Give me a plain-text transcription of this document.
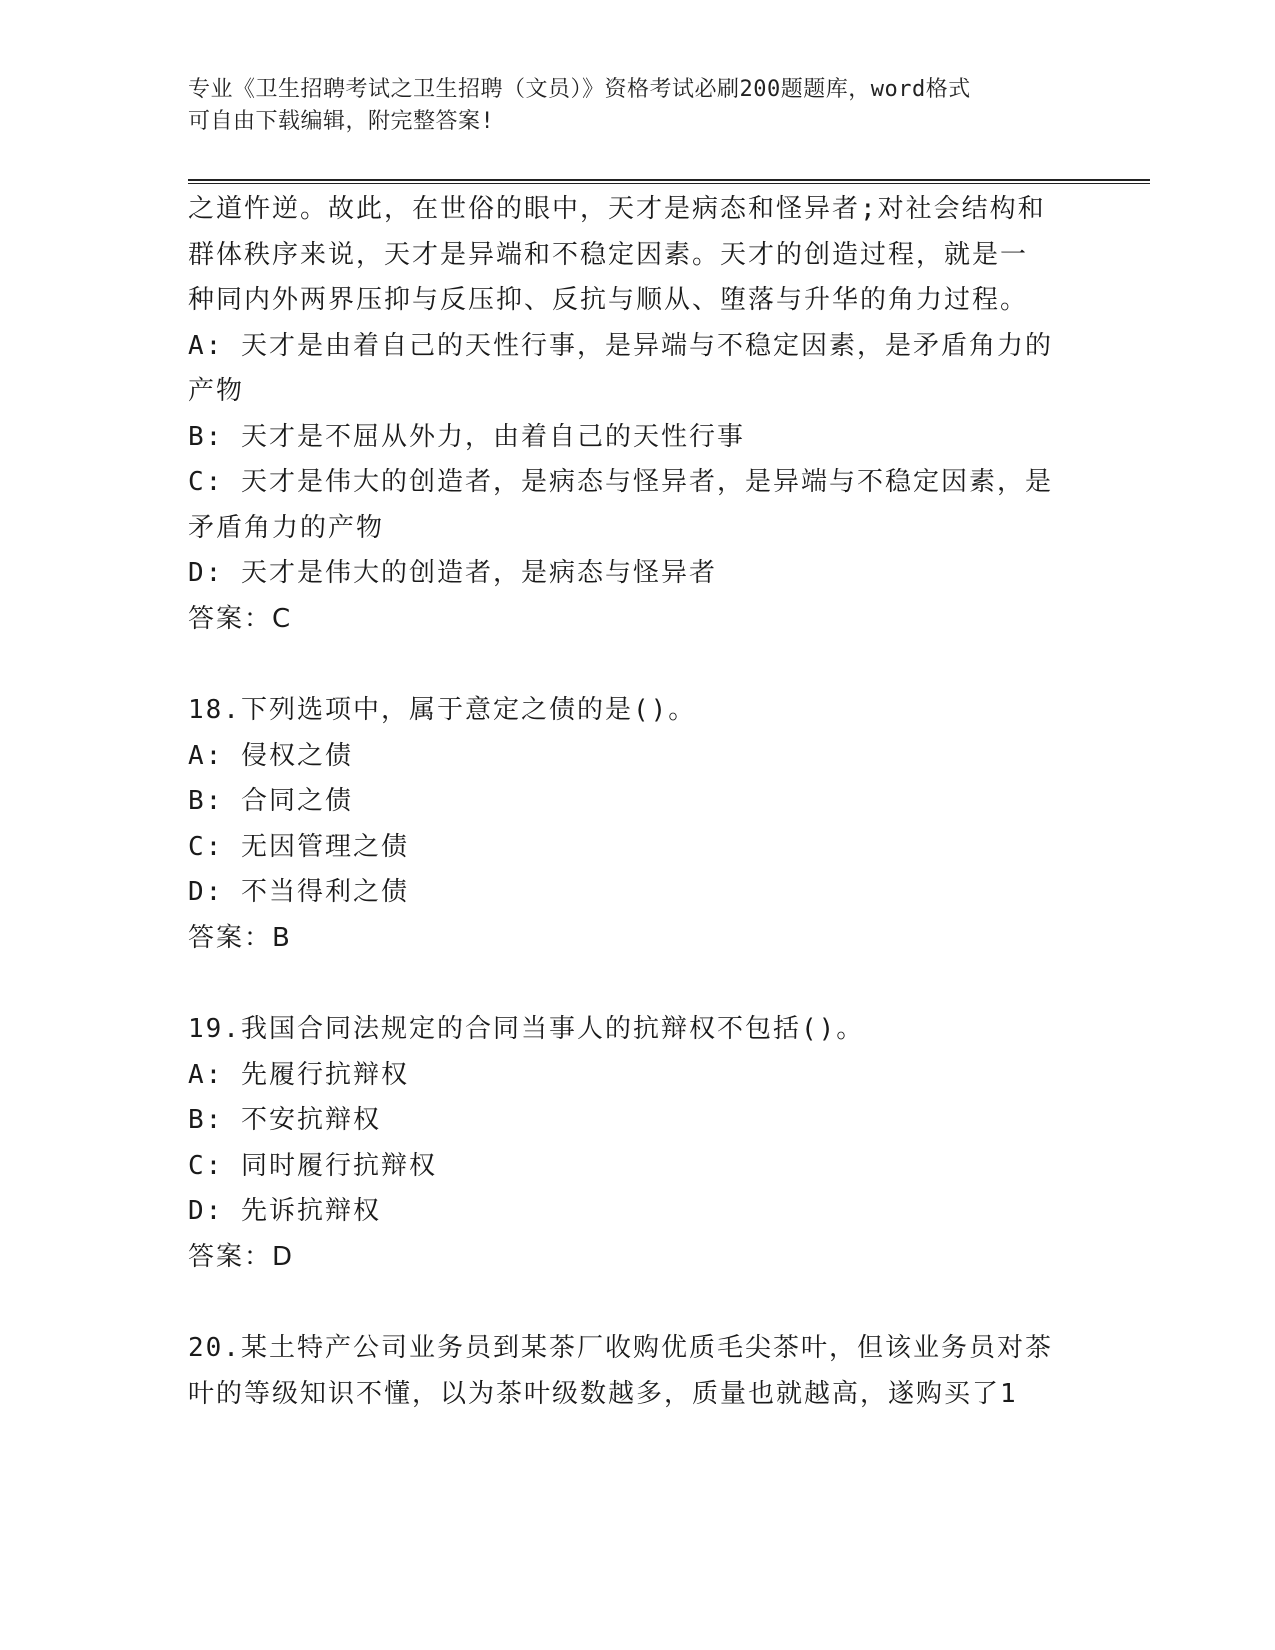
专业《卫生招聘考试之卫生招聘（文员）》资格考试必刷200题题库，word格式
可自由下载编辑，附完整答案!
之道忤逆。故此，在世俗的眼中，天才是病态和怪异者;对社会结构和
群体秩序来说，天才是异端和不稳定因素。天才的创造过程，就是一
种同内外两界压抑与反压抑、反抗与顺从、堕落与升华的角力过程。
A: 天才是由着自己的天性行事，是异端与不稳定因素，是矛盾角力的
产物
B: 天才是不屈从外力，由着自己的天性行事
C: 天才是伟大的创造者，是病态与怪异者，是异端与不稳定因素，是
矛盾角力的产物
D: 天才是伟大的创造者，是病态与怪异者
答案：C
18.下列选项中，属于意定之债的是()。
A: 侵权之债
B: 合同之债
C: 无因管理之债
D: 不当得利之债
答案：B
19.我国合同法规定的合同当事人的抗辩权不包括()。
A: 先履行抗辩权
B: 不安抗辩权
C: 同时履行抗辩权
D: 先诉抗辩权
答案：D
20.某土特产公司业务员到某茶厂收购优质毛尖茶叶，但该业务员对茶
叶的等级知识不懂，以为茶叶级数越多，质量也就越高，遂购买了1
